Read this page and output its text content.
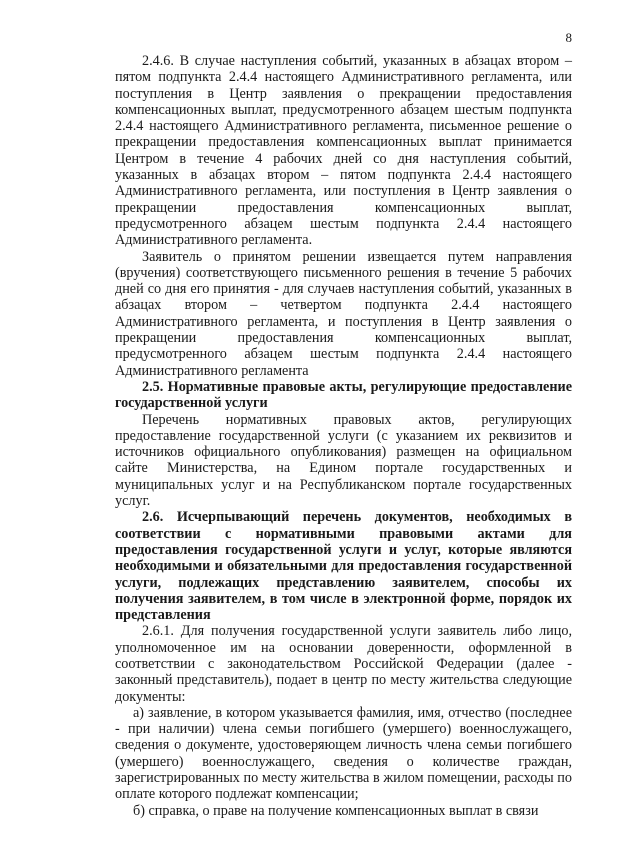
8

2.4.6. В случае наступления событий, указанных в абзацах втором – пятом подпункта 2.4.4 настоящего Административного регламента, или поступления в Центр заявления о прекращении предоставления компенсационных выплат, предусмотренного абзацем шестым подпункта 2.4.4 настоящего Административного регламента, письменное решение о прекращении предоставления компенсационных выплат принимается Центром в течение 4 рабочих дней со дня наступления событий, указанных в абзацах втором – пятом подпункта 2.4.4 настоящего Административного регламента, или поступления в Центр заявления о прекращении предоставления компенсационных выплат, предусмотренного абзацем шестым подпункта 2.4.4 настоящего Административного регламента.

Заявитель о принятом решении извещается путем направления (вручения) соответствующего письменного решения в течение 5 рабочих дней со дня его принятия - для случаев наступления событий, указанных в абзацах втором – четвертом подпункта 2.4.4 настоящего Административного регламента, и поступления в Центр заявления о прекращении предоставления компенсационных выплат, предусмотренного абзацем шестым подпункта 2.4.4 настоящего Административного регламента

2.5. Нормативные правовые акты, регулирующие предоставление государственной услуги

Перечень нормативных правовых актов, регулирующих предоставление государственной услуги (с указанием их реквизитов и источников официального опубликования) размещен на официальном сайте Министерства, на Едином портале государственных и муниципальных услуг и на Республиканском портале государственных услуг.

2.6. Исчерпывающий перечень документов, необходимых в соответствии с нормативными правовыми актами для предоставления государственной услуги и услуг, которые являются необходимыми и обязательными для предоставления государственной услуги, подлежащих представлению заявителем, способы их получения заявителем, в том числе в электронной форме, порядок их представления

2.6.1. Для получения государственной услуги заявитель либо лицо, уполномоченное им на основании доверенности, оформленной в соответствии с законодательством Российской Федерации (далее - законный представитель), подает в центр по месту жительства следующие документы:

а) заявление, в котором указывается фамилия, имя, отчество (последнее - при наличии) члена семьи погибшего (умершего) военнослужащего, сведения о документе, удостоверяющем личность члена семьи погибшего (умершего) военнослужащего, сведения о количестве граждан, зарегистрированных по месту жительства в жилом помещении, расходы по оплате которого подлежат компенсации;

б) справка, о праве на получение компенсационных выплат в связи
